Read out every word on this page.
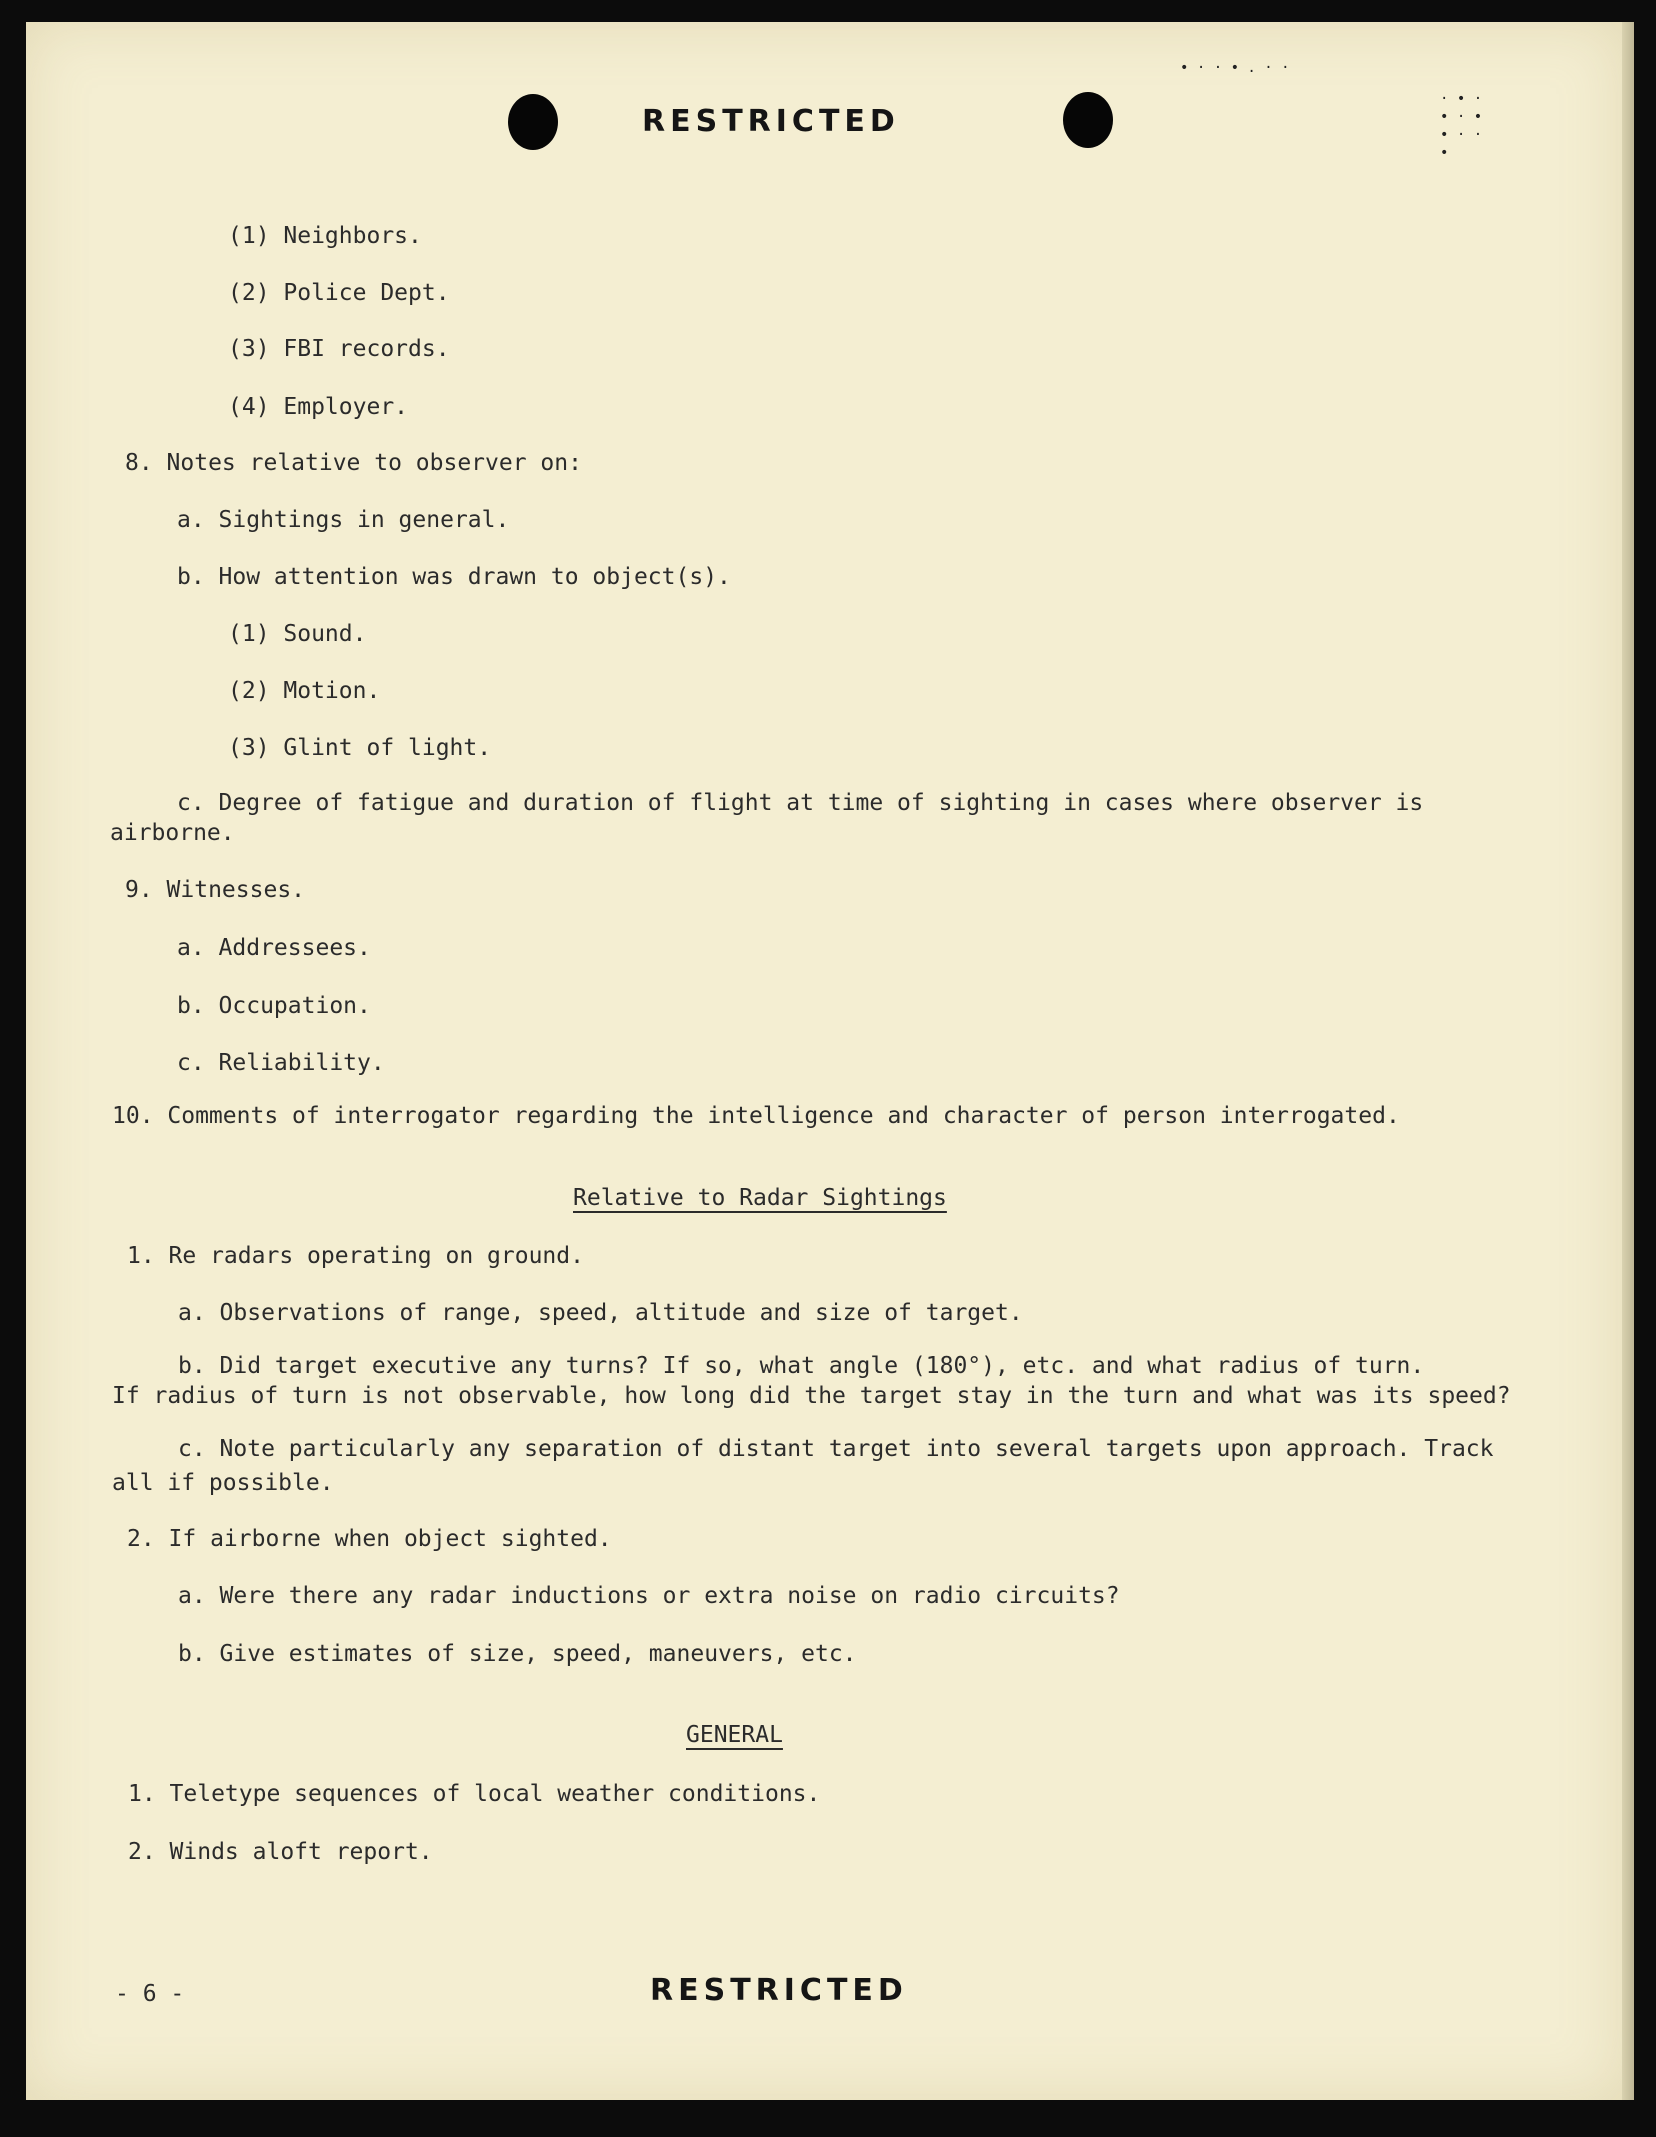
• · · • . · ·
· • ·
• · •
• · ·
•
RESTRICTED
(1) Neighbors.
(2) Police Dept.
(3) FBI records.
(4) Employer.
8. Notes relative to observer on:
a. Sightings in general.
b. How attention was drawn to object(s).
(1) Sound.
(2) Motion.
(3) Glint of light.
c. Degree of fatigue and duration of flight at time of sighting in cases where observer is
airborne.
9. Witnesses.
a. Addressees.
b. Occupation.
c. Reliability.
10. Comments of interrogator regarding the intelligence and character of person interrogated.
Relative to Radar Sightings
1. Re radars operating on ground.
a. Observations of range, speed, altitude and size of target.
b. Did target executive any turns? If so, what angle (180°), etc. and what radius of turn.
If radius of turn is not observable, how long did the target stay in the turn and what was its speed?
c. Note particularly any separation of distant target into several targets upon approach. Track
all if possible.
2. If airborne when object sighted.
a. Were there any radar inductions or extra noise on radio circuits?
b. Give estimates of size, speed, maneuvers, etc.
GENERAL
1. Teletype sequences of local weather conditions.
2. Winds aloft report.
- 6 -	RESTRICTED
